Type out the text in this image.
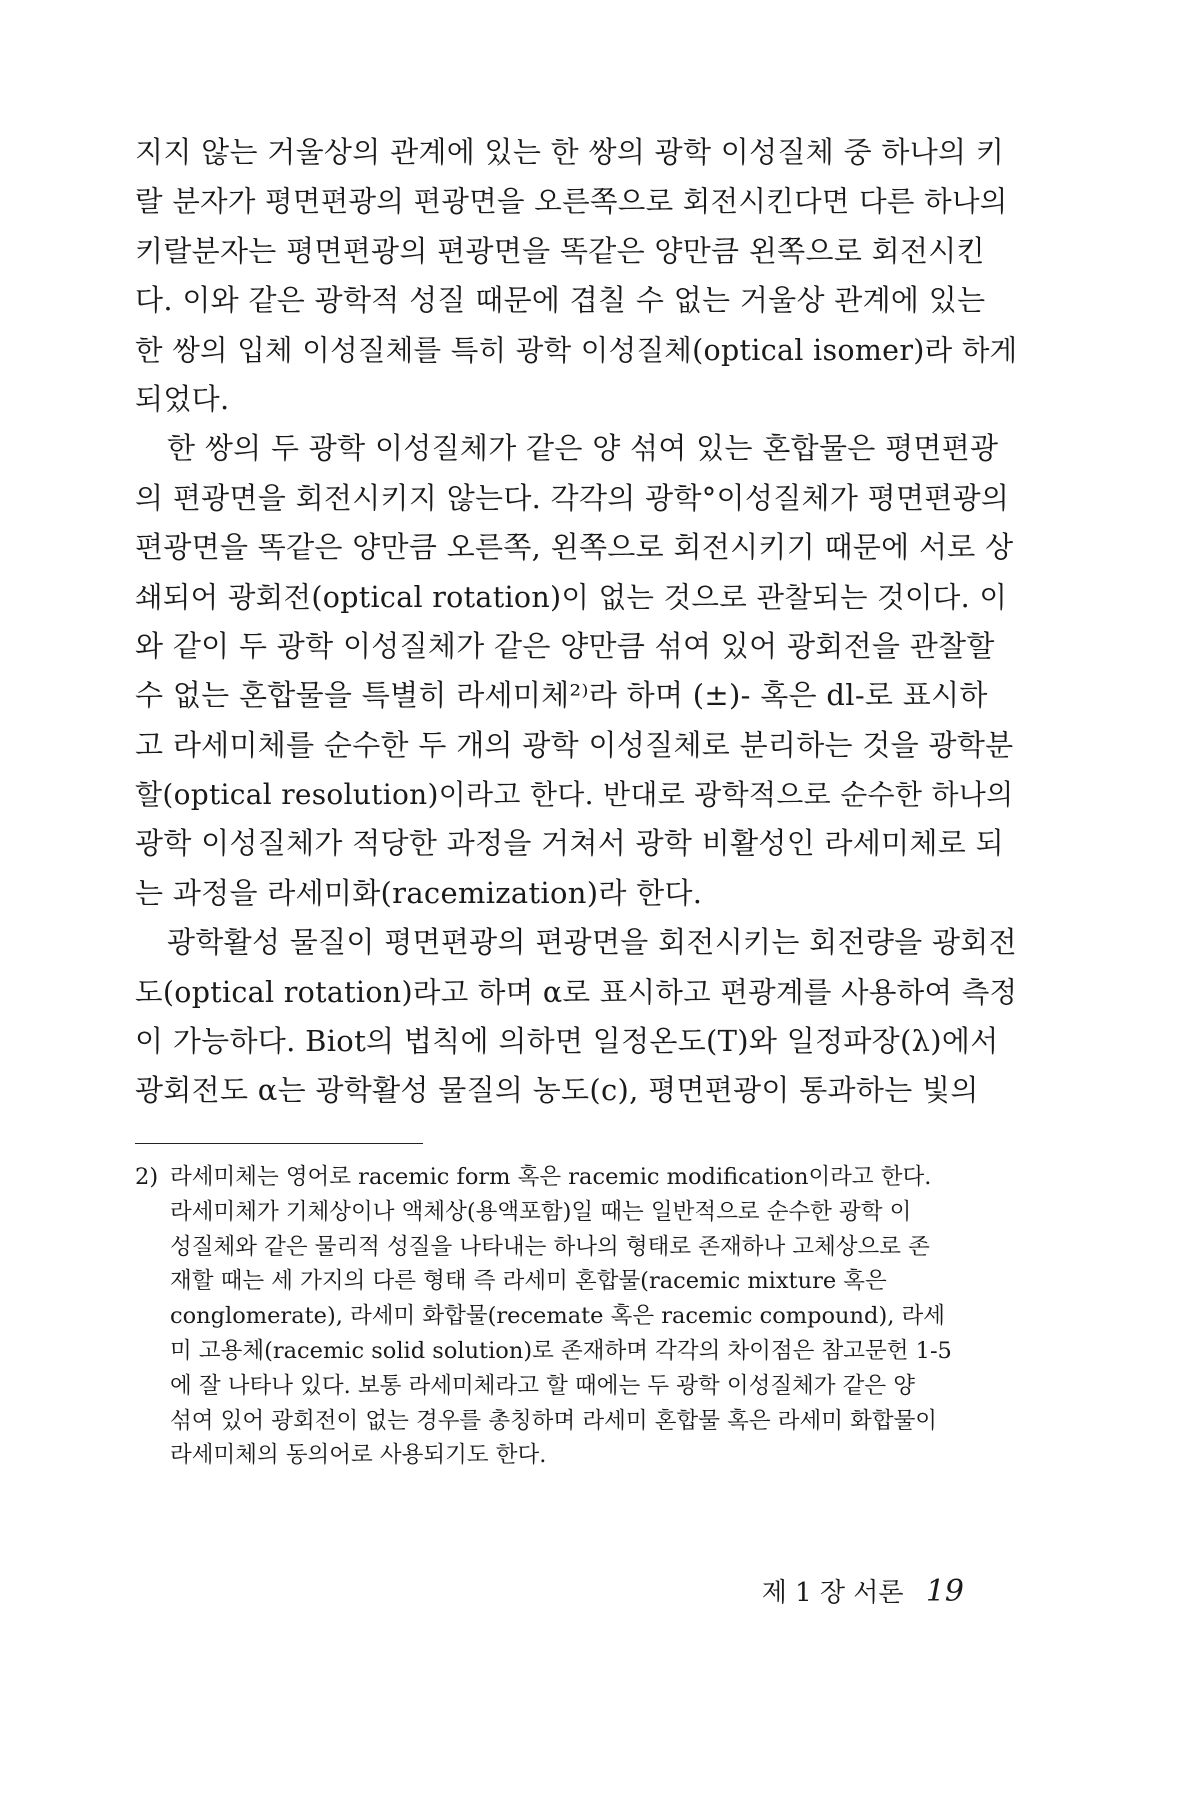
지지 않는 거울상의 관계에 있는 한 쌍의 광학 이성질체 중 하나의 키
랄 분자가 평면편광의 편광면을 오른쪽으로 회전시킨다면 다른 하나의
키랄분자는 평면편광의 편광면을 똑같은 양만큼 왼쪽으로 회전시킨
다. 이와 같은 광학적 성질 때문에 겹칠 수 없는 거울상 관계에 있는
한 쌍의 입체 이성질체를 특히 광학 이성질체(optical isomer)라 하게
되었다.
한 쌍의 두 광학 이성질체가 같은 양 섞여 있는 혼합물은 평면편광
의 편광면을 회전시키지 않는다. 각각의 광학°이성질체가 평면편광의
편광면을 똑같은 양만큼 오른쪽, 왼쪽으로 회전시키기 때문에 서로 상
쇄되어 광회전(optical rotation)이 없는 것으로 관찰되는 것이다. 이
와 같이 두 광학 이성질체가 같은 양만큼 섞여 있어 광회전을 관찰할
수 없는 혼합물을 특별히 라세미체²⁾라 하며 (±)- 혹은 dl-로 표시하
고 라세미체를 순수한 두 개의 광학 이성질체로 분리하는 것을 광학분
할(optical resolution)이라고 한다. 반대로 광학적으로 순수한 하나의
광학 이성질체가 적당한 과정을 거쳐서 광학 비활성인 라세미체로 되
는 과정을 라세미화(racemization)라 한다.
광학활성 물질이 평면편광의 편광면을 회전시키는 회전량을 광회전
도(optical rotation)라고 하며 α로 표시하고 편광계를 사용하여 측정
이 가능하다. Biot의 법칙에 의하면 일정온도(T)와 일정파장(λ)에서
광회전도 α는 광학활성 물질의 농도(c), 평면편광이 통과하는 빛의
2) 라세미체는 영어로 racemic form 혹은 racemic modification이라고 한다.
라세미체가 기체상이나 액체상(용액포함)일 때는 일반적으로 순수한 광학 이
성질체와 같은 물리적 성질을 나타내는 하나의 형태로 존재하나 고체상으로 존
재할 때는 세 가지의 다른 형태 즉 라세미 혼합물(racemic mixture 혹은
conglomerate), 라세미 화합물(recemate 혹은 racemic compound), 라세
미 고용체(racemic solid solution)로 존재하며 각각의 차이점은 참고문헌 1-5
에 잘 나타나 있다. 보통 라세미체라고 할 때에는 두 광학 이성질체가 같은 양
섞여 있어 광회전이 없는 경우를 총칭하며 라세미 혼합물 혹은 라세미 화합물이
라세미체의 동의어로 사용되기도 한다.
제 1 장 서론 19
